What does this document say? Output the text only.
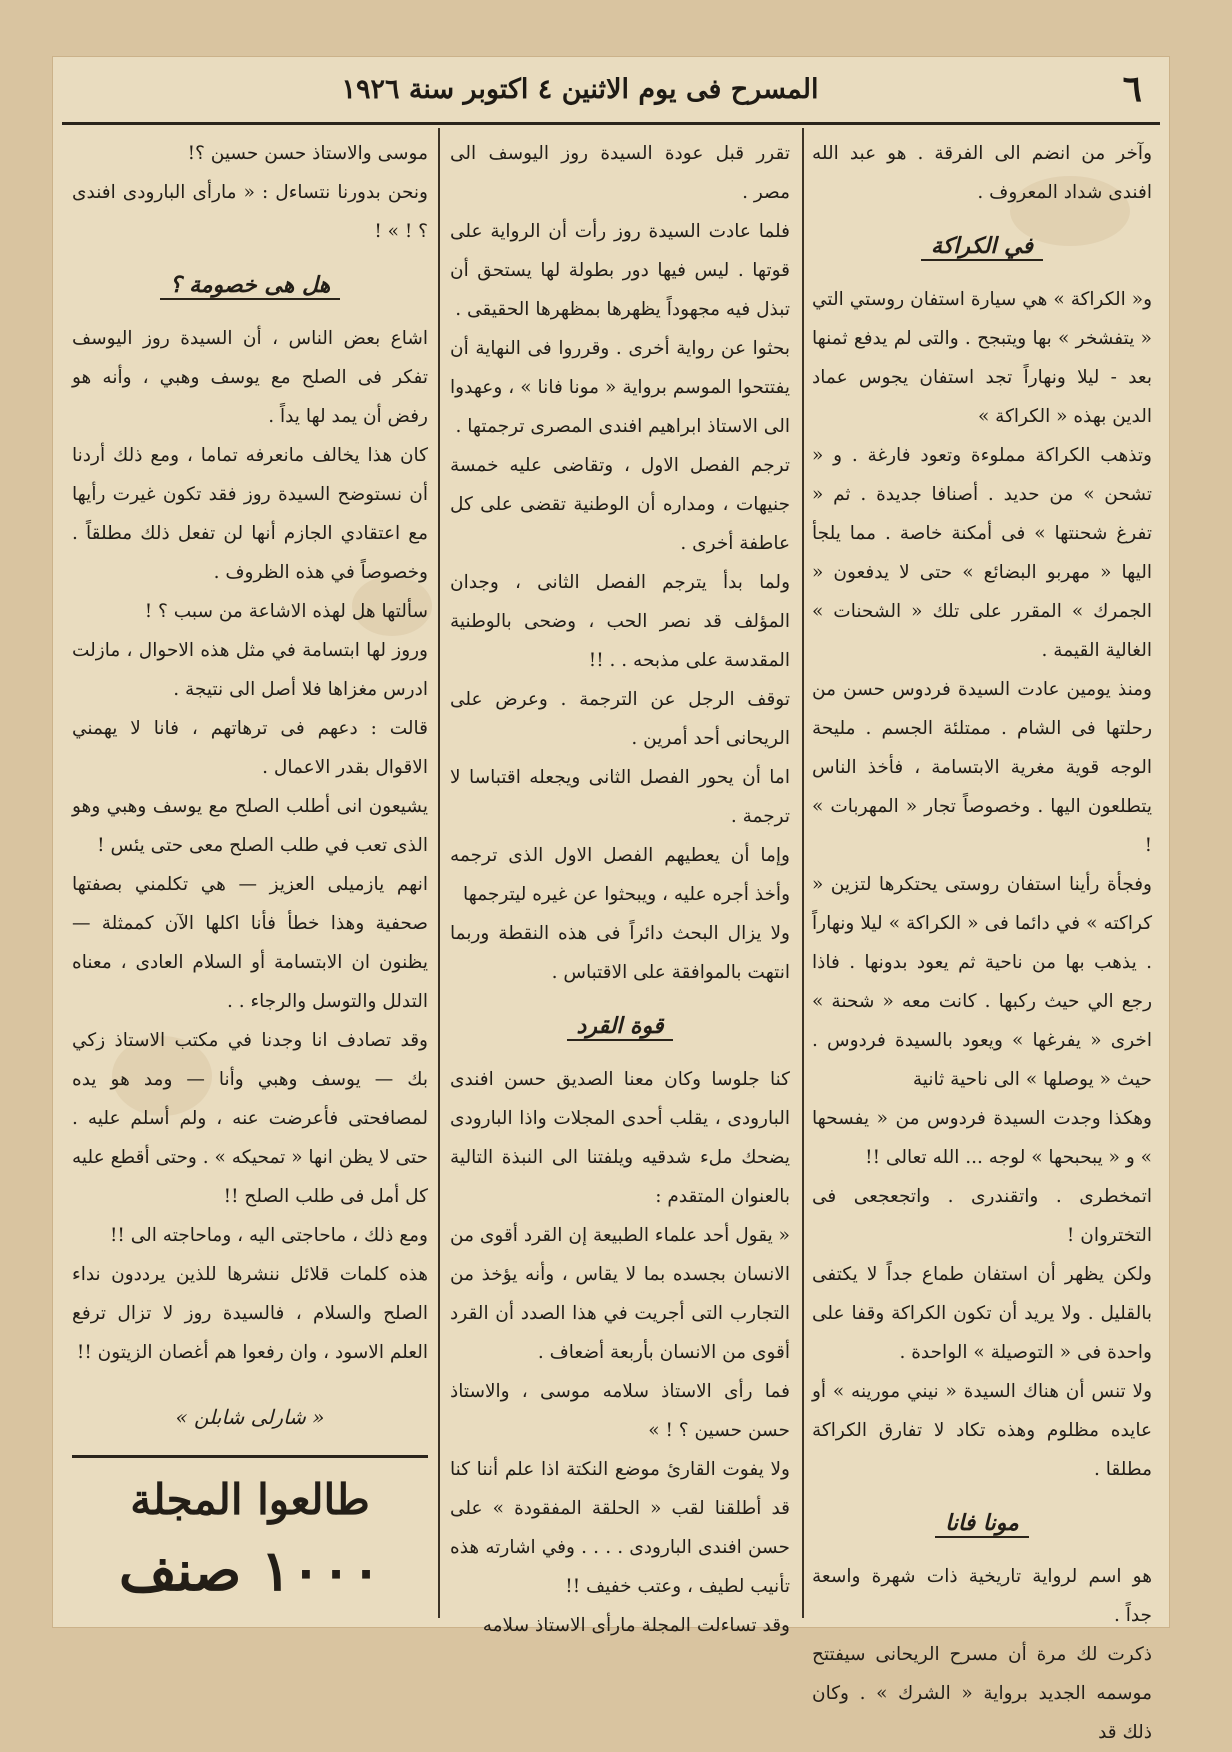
٦
المسرح فى يوم الاثنين ٤ اكتوبر سنة ١٩٢٦
وآخر من انضم الى الفرقة . هو عبد الله افندى شداد المعروف .
في الكراكة
و« الكراكة » هي سيارة استفان روستي التي « يتفشخر » بها ويتبجح . والتى لم يدفع ثمنها بعد - ليلا ونهاراً تجد استفان يجوس عماد الدين بهذه « الكراكة »
وتذهب الكراكة مملوءة وتعود فارغة . و « تشحن » من حديد . أصنافا جديدة . ثم « تفرغ شحنتها » فى أمكنة خاصة . مما يلجأ اليها « مهربو البضائع » حتى لا يدفعون « الجمرك » المقرر على تلك « الشحنات » الغالية القيمة .
ومنذ يومين عادت السيدة فردوس حسن من رحلتها فى الشام . ممتلئة الجسم . مليحة الوجه قوية مغرية الابتسامة ، فأخذ الناس يتطلعون اليها . وخصوصاً تجار « المهربات » !
وفجأة رأينا استفان روستى يحتكرها لتزين « كراكته » في دائما فى « الكراكة » ليلا ونهاراً . يذهب بها من ناحية ثم يعود بدونها . فاذا رجع الي حيث ركبها . كانت معه « شحنة » اخرى « يفرغها » ويعود بالسيدة فردوس . حيث « يوصلها » الى ناحية ثانية
وهكذا وجدت السيدة فردوس من « يفسحها » و « يبحبحها » لوجه ... الله تعالى !!
اتمخطرى . واتقندرى . واتجعجعى فى التختروان !
ولكن يظهر أن استفان طماع جداً لا يكتفى بالقليل . ولا يريد أن تكون الكراكة وقفا على واحدة فى « التوصيلة » الواحدة .
ولا تنس أن هناك السيدة « نيني مورينه » أو عايده مظلوم وهذه تكاد لا تفارق الكراكة مطلقا .
مونا فانا
هو اسم لرواية تاريخية ذات شهرة واسعة جداً .
ذكرت لك مرة أن مسرح الريحانى سيفتتح موسمه الجديد برواية « الشرك » . وكان ذلك قد
تقرر قبل عودة السيدة روز اليوسف الى مصر .
فلما عادت السيدة روز رأت أن الرواية على قوتها . ليس فيها دور بطولة لها يستحق أن تبذل فيه مجهوداً يظهرها بمظهرها الحقيقى .
بحثوا عن رواية أخرى . وقرروا فى النهاية أن يفتتحوا الموسم برواية « مونا فانا » ، وعهدوا الى الاستاذ ابراهيم افندى المصرى ترجمتها .
ترجم الفصل الاول ، وتقاضى عليه خمسة جنيهات ، ومداره أن الوطنية تقضى على كل عاطفة أخرى .
ولما بدأ يترجم الفصل الثانى ، وجدان المؤلف قد نصر الحب ، وضحى بالوطنية المقدسة على مذبحه . . !!
توقف الرجل عن الترجمة . وعرض على الريحانى أحد أمرين .
اما أن يحور الفصل الثانى ويجعله اقتباسا لا ترجمة .
وإما أن يعطيهم الفصل الاول الذى ترجمه وأخذ أجره عليه ، ويبحثوا عن غيره ليترجمها
ولا يزال البحث دائراً فى هذه النقطة وربما انتهت بالموافقة على الاقتباس .
قوة القرد
كنا جلوسا وكان معنا الصديق حسن افندى البارودى ، يقلب أحدى المجلات واذا البارودى يضحك ملء شدقيه ويلفتنا الى النبذة التالية بالعنوان المتقدم :
« يقول أحد علماء الطبيعة إن القرد أقوى من الانسان بجسده بما لا يقاس ، وأنه يؤخذ من التجارب التى أجريت في هذا الصدد أن القرد أقوى من الانسان بأربعة أضعاف .
فما رأى الاستاذ سلامه موسى ، والاستاذ حسن حسين ؟ ! »
ولا يفوت القارئ موضع النكتة اذا علم أننا كنا قد أطلقنا لقب « الحلقة المفقودة » على حسن افندى البارودى . . . . وفي اشارته هذه تأنيب لطيف ، وعتب خفيف !!
وقد تساءلت المجلة مارأى الاستاذ سلامه
موسى والاستاذ حسن حسين ؟!
ونحن بدورنا نتساءل : « مارأى البارودى افندى ؟ ! » !
هل هى خصومة ؟
اشاع بعض الناس ، أن السيدة روز اليوسف تفكر فى الصلح مع يوسف وهبي ، وأنه هو رفض أن يمد لها يداً .
كان هذا يخالف مانعرفه تماما ، ومع ذلك أردنا أن نستوضح السيدة روز فقد تكون غيرت رأيها مع اعتقادي الجازم أنها لن تفعل ذلك مطلقاً . وخصوصاً في هذه الظروف .
سألتها هل لهذه الاشاعة من سبب ؟ !
وروز لها ابتسامة في مثل هذه الاحوال ، مازلت ادرس مغزاها فلا أصل الى نتيجة .
قالت : دعهم فى ترهاتهم ، فانا لا يهمني الاقوال بقدر الاعمال .
يشيعون انى أطلب الصلح مع يوسف وهبي وهو الذى تعب في طلب الصلح معى حتى يئس !
انهم يازميلى العزيز — هي تكلمني بصفتها صحفية وهذا خطأ فأنا اكلها الآن كممثلة — يظنون ان الابتسامة أو السلام العادى ، معناه التدلل والتوسل والرجاء . .
وقد تصادف انا وجدنا في مكتب الاستاذ زكي بك — يوسف وهبي وأنا — ومد هو يده لمصافحتى فأعرضت عنه ، ولم أسلم عليه . حتى لا يظن انها « تمحيكه » . وحتى أقطع عليه كل أمل فى طلب الصلح !!
ومع ذلك ، ماحاجتى اليه ، وماحاجته الى !!
هذه كلمات قلائل ننشرها للذين يرددون نداء الصلح والسلام ، فالسيدة روز لا تزال ترفع العلم الاسود ، وان رفعوا هم أغصان الزيتون !!
« شارلى شابلن »
طالعوا المجلة
١٠٠٠ صنف
